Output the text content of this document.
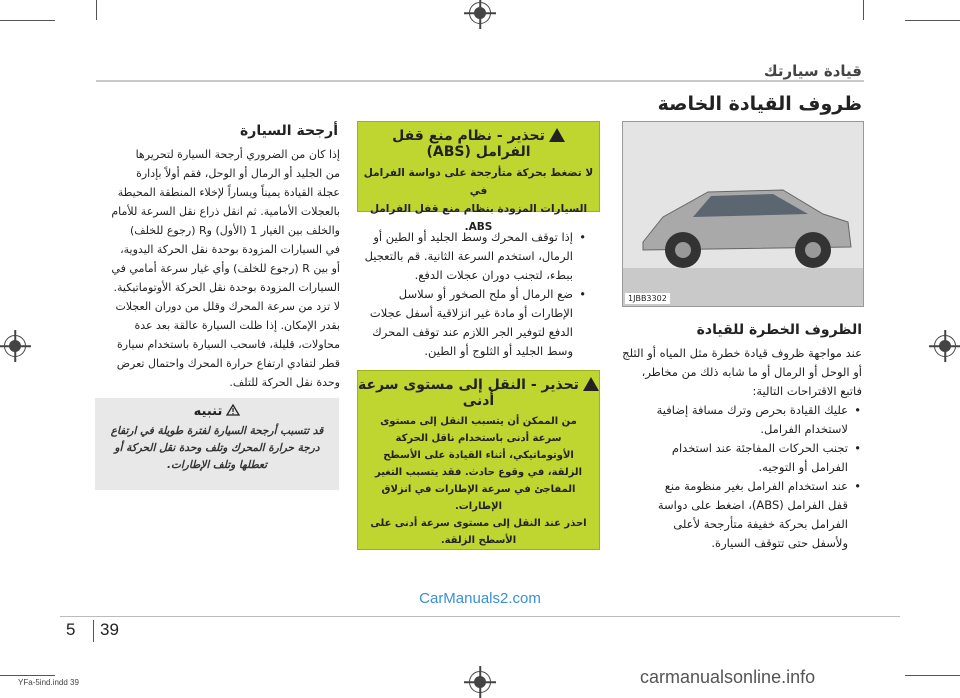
قيادة سيارتك
ظروف القيادة الخاصة
1JBB3302
الظروف الخطرة للقيادة
عند مواجهة ظروف قيادة خطرة مثل المياه أو الثلج
أو الوحل أو الرمال أو ما شابه ذلك من مخاطر،
فاتبع الاقتراحات التالية:
• عليك القيادة بحرص وترك مسافة إضافية
لاستخدام الفرامل.
• تجنب الحركات المفاجئة عند استخدام
الفرامل أو التوجيه.
• عند استخدام الفرامل بغير منظومة منع
قفل الفرامل (ABS)، اضغط على دواسة
الفرامل بحركة خفيفة متأرجحة لأعلى
ولأسفل حتى تتوقف السيارة.
تحذير - نظام منع قفل
الفرامل (ABS)
لا تضغط بحركة متأرجحة على دواسة الفرامل في
السيارات المزودة بنظام منع قفل الفرامل ABS.
• إذا توقف المحرك وسط الجليد أو الطين أو
الرمال، استخدم السرعة الثانية. قم بالتعجيل
ببطء، لتجنب دوران عجلات الدفع.
• ضع الرمال أو ملح الصخور أو سلاسل
الإطارات أو مادة غير انزلاقية أسفل عجلات
الدفع لتوفير الجر اللازم عند توقف المحرك
وسط الجليد أو الثلوج أو الطين.
تحذير - النقل إلى مستوى سرعة
أدنى
من الممكن أن يتسبب النقل إلى مستوى
سرعة أدنى باستخدام ناقل الحركة
الأوتوماتيكي، أثناء القيادة على الأسطح
الزلقة، في وقوع حادث. فقد يتسبب التغير
المفاجئ في سرعة الإطارات في انزلاق الإطارات.
احذر عند النقل إلى مستوى سرعة أدنى على
الأسطح الزلقة.
أرجحة السيارة
إذا كان من الضروري أرجحة السيارة لتحريرها
من الجليد أو الرمال أو الوحل، فقم أولاً بإدارة
عجلة القيادة يميناً ويساراً لإخلاء المنطقة المحيطة
بالعجلات الأمامية. ثم انقل ذراع نقل السرعة للأمام
والخلف بين الغيار 1 (الأول) وR (رجوع للخلف)
في السيارات المزودة بوحدة نقل الحركة اليدوية،
أو بين R (رجوع للخلف) وأي غيار سرعة أمامي في
السيارات المزودة بوحدة نقل الحركة الأوتوماتيكية.
لا تزد من سرعة المحرك وقلل من دوران العجلات
بقدر الإمكان. إذا ظلت السيارة عالقة بعد عدة
محاولات، قليلة، فاسحب السيارة باستخدام سيارة
قطر لتفادي ارتفاع حرارة المحرك واحتمال تعرض
وحدة نقل الحركة للتلف.
تنبيه
قد تتسبب أرجحة السيارة لفترة طويلة في ارتفاع
درجة حرارة المحرك وتلف وحدة نقل الحركة أو
تعطلها وتلف الإطارات.
CarManuals2.com
5 39
YFa-5ind.indd 39	carmanualsonline.info
